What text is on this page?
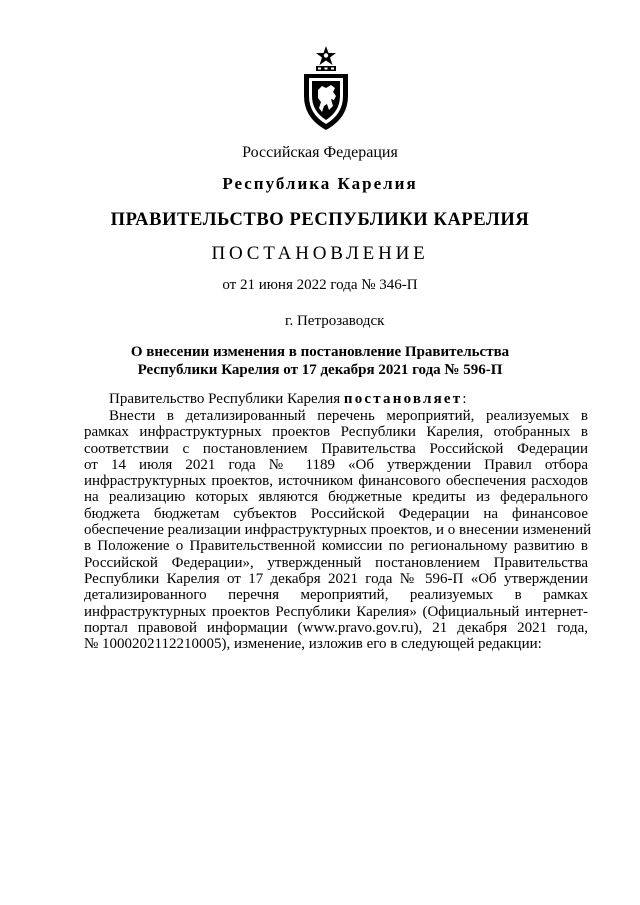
Российская Федерация
Республика Карелия
ПРАВИТЕЛЬСТВО РЕСПУБЛИКИ КАРЕЛИЯ
ПОСТАНОВЛЕНИЕ
от 21 июня 2022 года № 346-П
г. Петрозаводск
О внесении изменения в постановление Правительства
Республики Карелия от 17 декабря 2021 года № 596-П
Правительство Республики Карелия постановляет:
Внести в детализированный перечень мероприятий, реализуемых в
рамках инфраструктурных проектов Республики Карелия, отобранных в
соответствии с постановлением Правительства Российской Федерации
от 14 июля 2021 года № 1189 «Об утверждении Правил отбора
инфраструктурных проектов, источником финансового обеспечения расходов
на реализацию которых являются бюджетные кредиты из федерального
бюджета бюджетам субъектов Российской Федерации на финансовое
обеспечение реализации инфраструктурных проектов, и о внесении изменений
в Положение о Правительственной комиссии по региональному развитию в
Российской Федерации», утвержденный постановлением Правительства
Республики Карелия от 17 декабря 2021 года № 596-П «Об утверждении
детализированного перечня мероприятий, реализуемых в рамках
инфраструктурных проектов Республики Карелия» (Официальный интернет-
портал правовой информации (www.pravo.gov.ru), 21 декабря 2021 года,
№ 1000202112210005), изменение, изложив его в следующей редакции:
